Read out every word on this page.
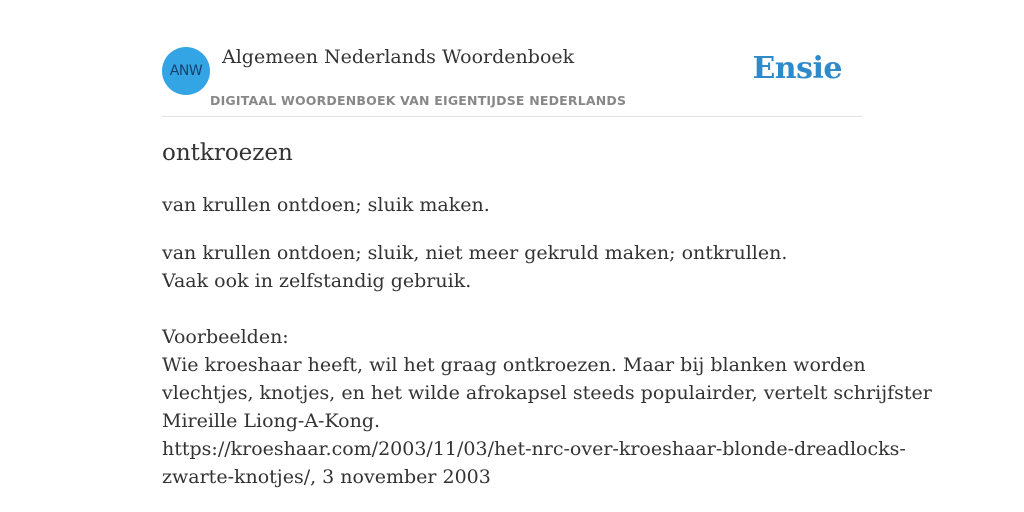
ANW
Algemeen Nederlands Woordenboek
DIGITAAL WOORDENBOEK VAN EIGENTIJDSE NEDERLANDS
Ensie
ontkroezen
van krullen ontdoen; sluik maken.
van krullen ontdoen; sluik, niet meer gekruld maken; ontkrullen.
Vaak ook in zelfstandig gebruik.
Voorbeelden:
Wie kroeshaar heeft, wil het graag ontkroezen. Maar bij blanken worden
vlechtjes, knotjes, en het wilde afrokapsel steeds populairder, vertelt schrijfster
Mireille Liong-A-Kong.
https://kroeshaar.com/2003/11/03/het-nrc-over-kroeshaar-blonde-dreadlocks-
zwarte-knotjes/, 3 november 2003
